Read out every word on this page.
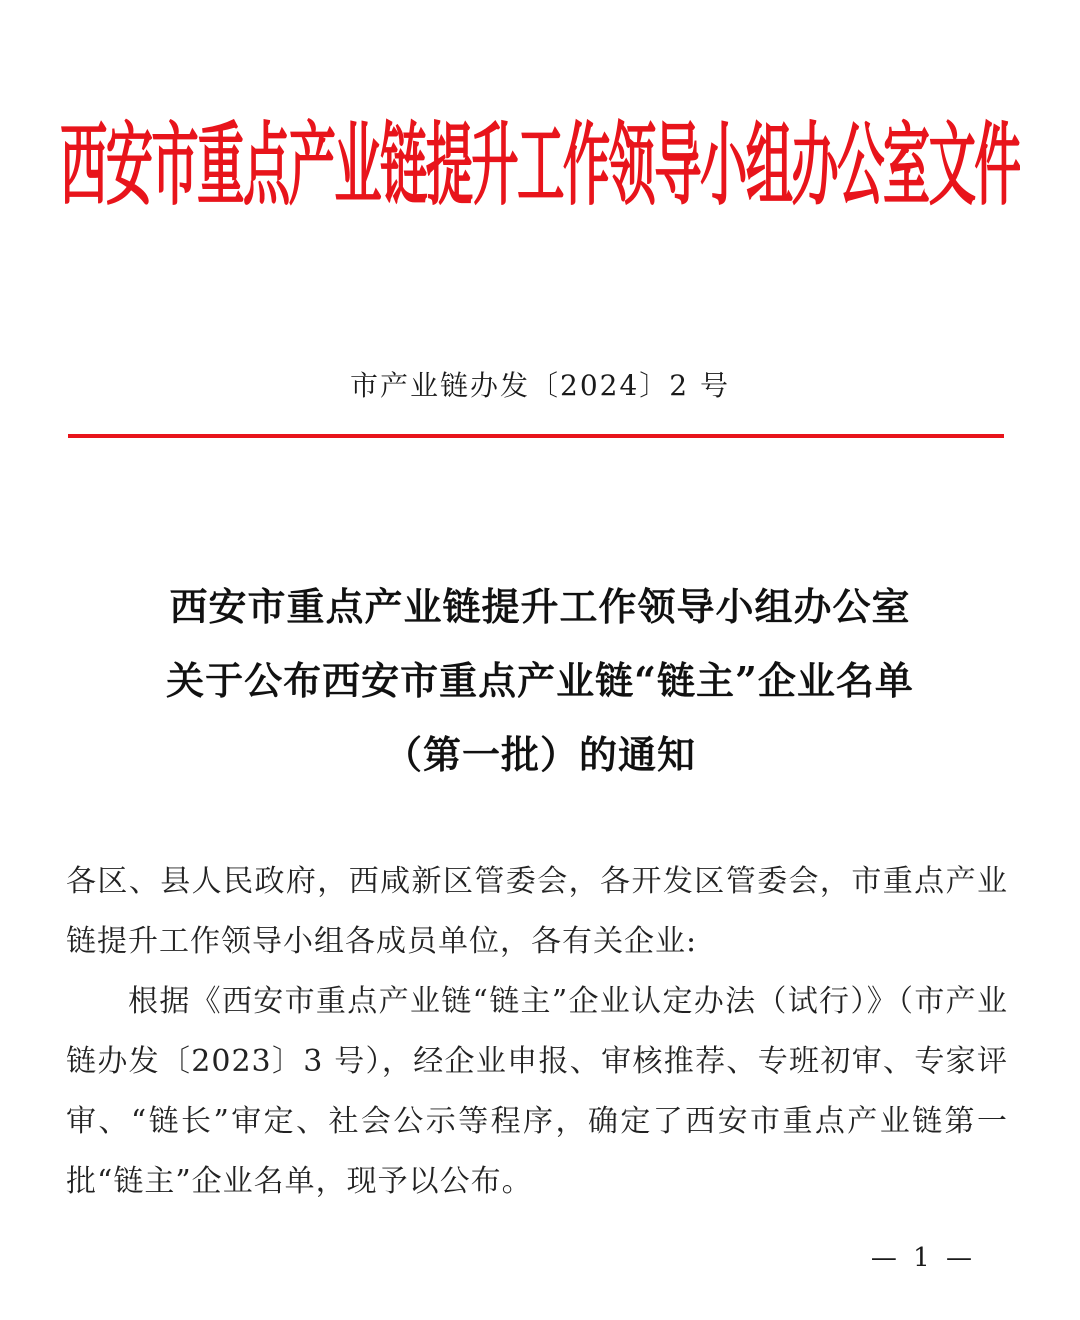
西安市重点产业链提升工作领导小组办公室文件
市产业链办发〔2024〕2 号
西安市重点产业链提升工作领导小组办公室
关于公布西安市重点产业链“链主”企业名单
（第一批）的通知

各区、县人民政府，西咸新区管委会，各开发区管委会，市重点产业链提升工作领导小组各成员单位，各有关企业:

根据《西安市重点产业链“链主”企业认定办法（试行）》（市产业链办发〔2023〕3 号），经企业申报、审核推荐、专班初审、专家评审、“链长”审定、社会公示等程序，确定了西安市重点产业链第一批“链主”企业名单，现予以公布。

— 1 —
